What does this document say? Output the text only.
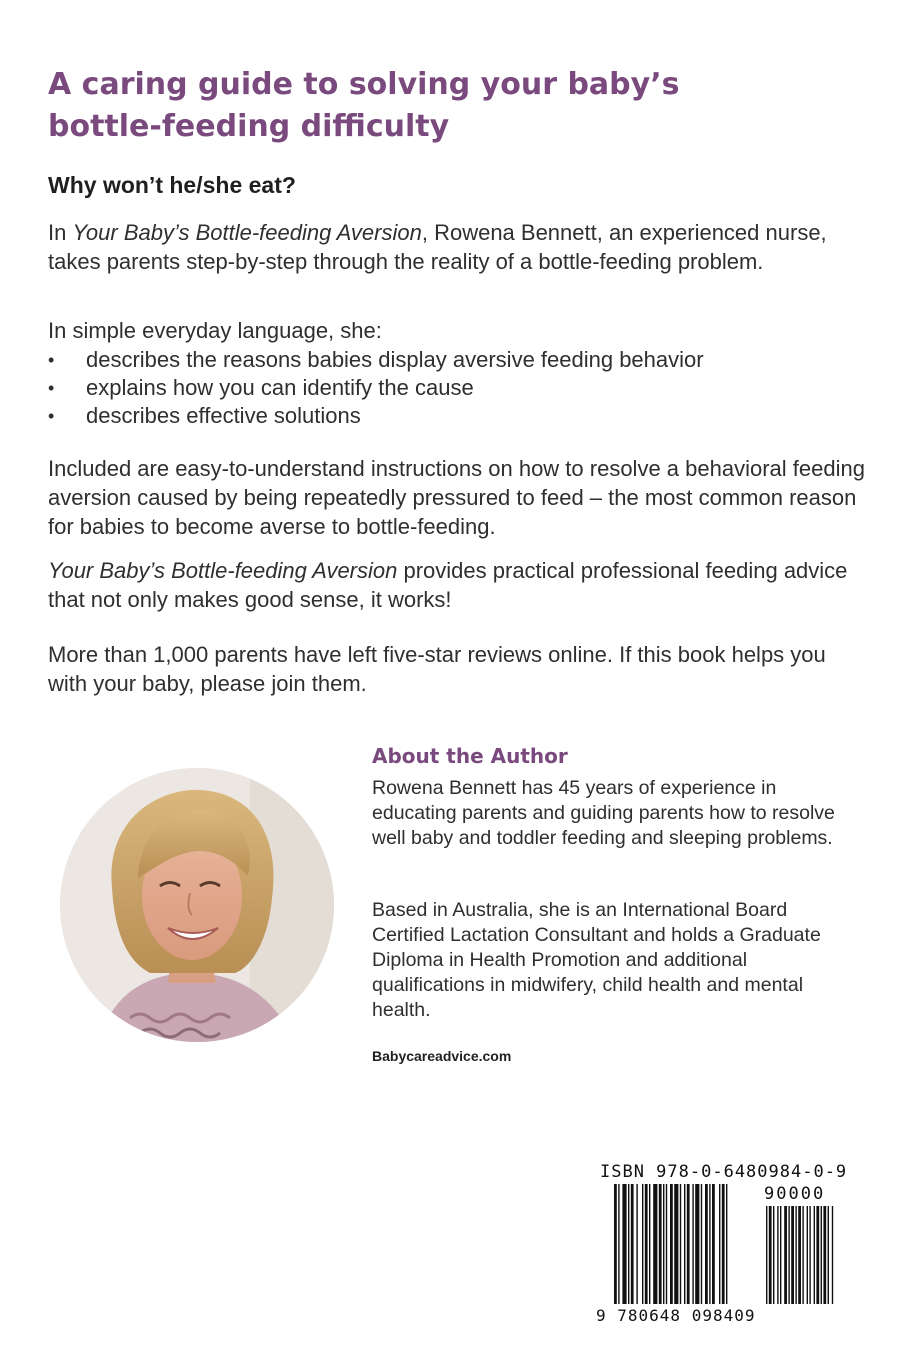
A caring guide to solving your baby’s
bottle-feeding difficulty
Why won’t he/she eat?

In Your Baby’s Bottle-feeding Aversion, Rowena Bennett, an experienced nurse, takes parents step-by-step through the reality of a bottle-feeding problem.

In simple everyday language, she:

•	describes the reasons babies display aversive feeding behavior
•	explains how you can identify the cause
•	describes effective solutions

Included are easy-to-understand instructions on how to resolve a behavioral feeding aversion caused by being repeatedly pressured to feed – the most common reason for babies to become averse to bottle-feeding.

Your Baby’s Bottle-feeding Aversion provides practical professional feeding advice that not only makes good sense, it works!

More than 1,000 parents have left five-star reviews online. If this book helps you with your baby, please join them.

About the Author

Rowena Bennett has 45 years of experience in educating parents and guiding parents how to resolve well baby and toddler feeding and sleeping problems.

Based in Australia, she is an International Board Certified Lactation Consultant and holds a Graduate Diploma in Health Promotion and additional qualifications in midwifery, child health and mental health.

Babycareadvice.com
ISBN 978-0-6480984-0-9
90000
9 780648 098409
